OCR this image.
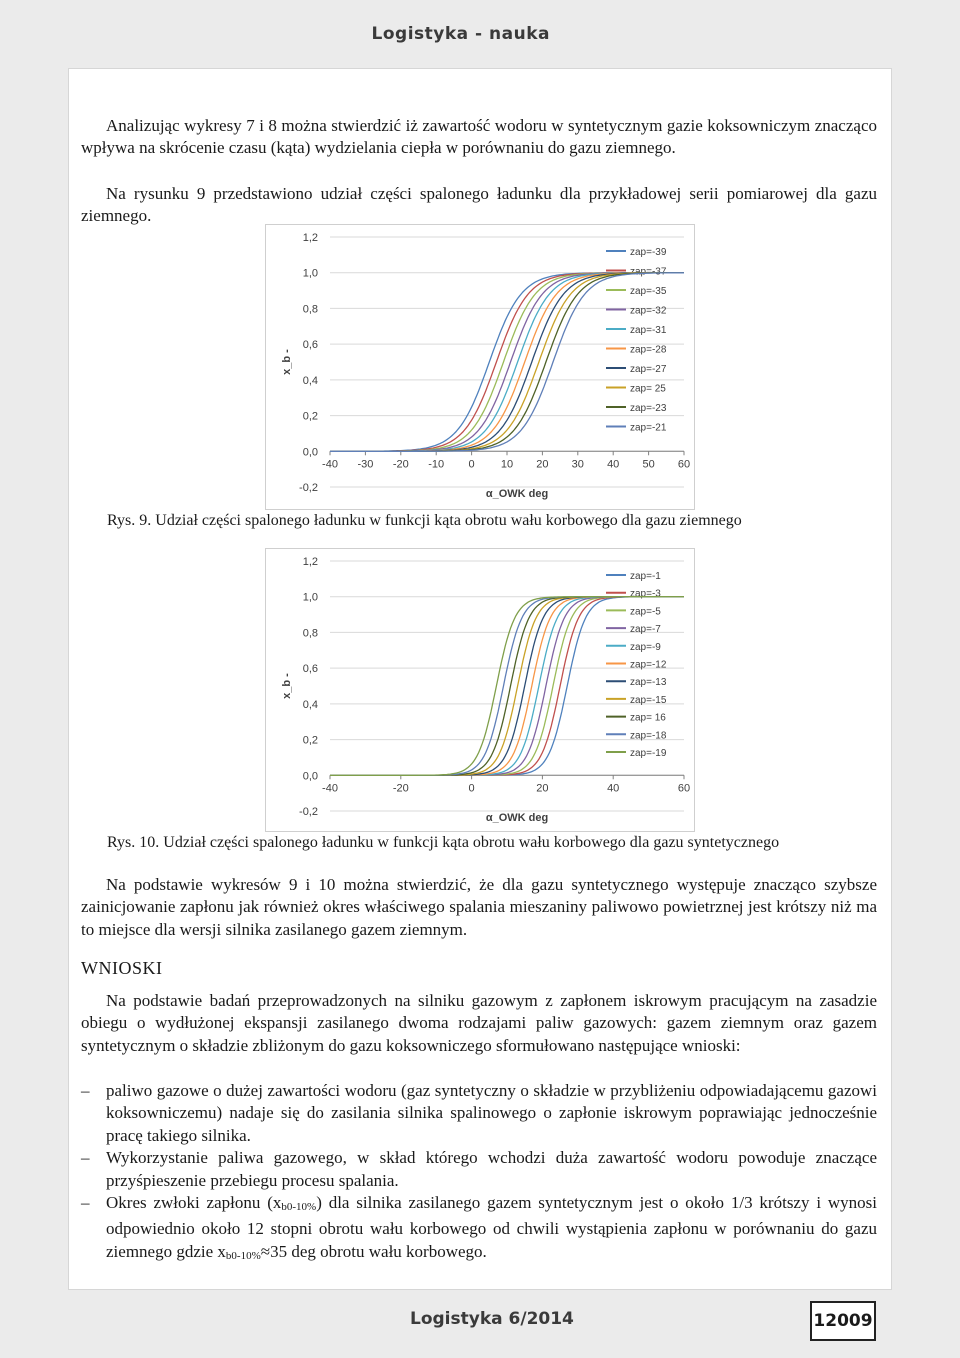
Logistyka - nauka
Analizując wykresy 7 i 8 można stwierdzić iż zawartość wodoru w syntetycznym gazie koksowniczym znacząco wpływa na skrócenie czasu (kąta) wydzielania ciepła w porównaniu do gazu ziemnego.
Na rysunku 9 przedstawiono udział części spalonego ładunku dla przykładowej serii pomiarowej dla gazu ziemnego.
-0,2
0,0
0,2
0,4
0,6
0,8
1,0
1,2
-40 -30 -20 -10 0 10 20 30 40 50 60
x_b -
α_OWK deg
zap=-39
zap=-37
zap=-35
zap=-32
zap=-31
zap=-28
zap=-27
zap= 25
zap=-23
zap=-21
Rys. 9. Udział części spalonego ładunku w funkcji kąta obrotu wału korbowego dla gazu ziemnego
-0,2
0,0
0,2
0,4
0,6
0,8
1,0
1,2
-40	-20	0	20	40	60
x_b -
α_OWK deg
zap=-1
zap=-3
zap=-5
zap=-7
zap=-9
zap=-12
zap=-13
zap=-15
zap= 16
zap=-18
zap=-19
Rys. 10. Udział części spalonego ładunku w funkcji kąta obrotu wału korbowego dla gazu syntetycznego
Na podstawie wykresów 9 i 10 można stwierdzić, że dla gazu syntetycznego występuje znacząco szybsze zainicjowanie zapłonu jak również okres właściwego spalania mieszaniny paliwowo powietrznej jest krótszy niż ma to miejsce dla wersji silnika zasilanego gazem ziemnym.
WNIOSKI
Na podstawie badań przeprowadzonych na silniku gazowym z zapłonem iskrowym pracującym na zasadzie obiegu o wydłużonej ekspansji zasilanego dwoma rodzajami paliw gazowych: gazem ziemnym oraz gazem syntetycznym o składzie zbliżonym do gazu koksowniczego sformułowano następujące wnioski:
– paliwo gazowe o dużej zawartości wodoru (gaz syntetyczny o składzie w przybliżeniu odpowiadającemu gazowi koksowniczemu) nadaje się do zasilania silnika spalinowego o zapłonie iskrowym poprawiając jednocześnie pracę takiego silnika.
– Wykorzystanie paliwa gazowego, w skład którego wchodzi duża zawartość wodoru powoduje znaczące przyśpieszenie przebiegu procesu spalania.
– Okres zwłoki zapłonu (xb0-10%) dla silnika zasilanego gazem syntetycznym jest o około 1/3 krótszy i wynosi odpowiednio około 12 stopni obrotu wału korbowego od chwili wystąpienia zapłonu w porównaniu do gazu ziemnego gdzie xb0-10%≈35 deg obrotu wału korbowego.
Logistyka 6/2014	12009
